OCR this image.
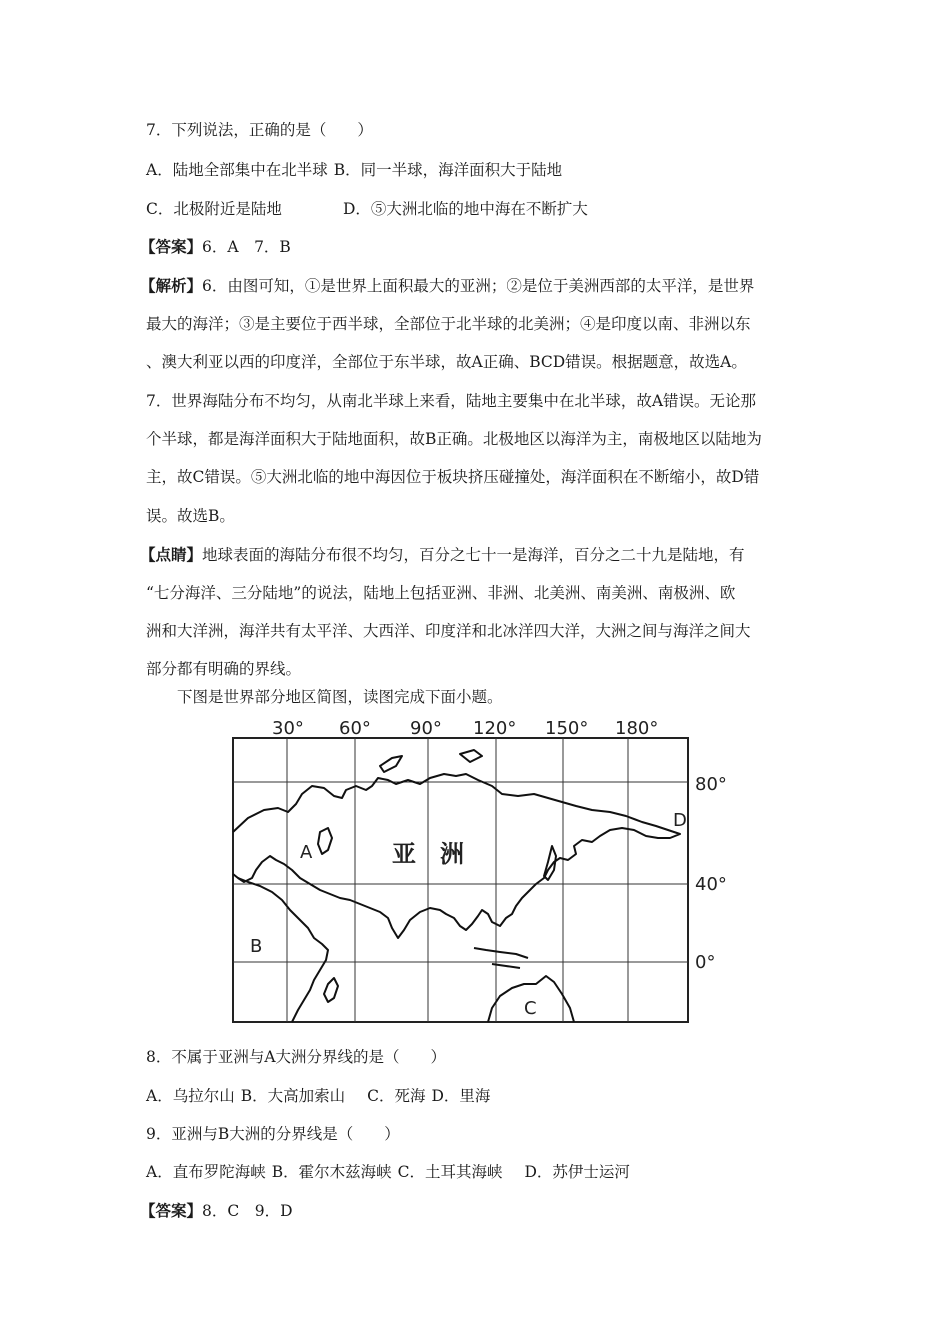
7．下列说法，正确的是（　　）
A．陆地全部集中在北半球 B．同一半球，海洋面积大于陆地
C．北极附近是陆地	D．⑤大洲北临的地中海在不断扩大
【答案】6．A　7．B
【解析】6．由图可知，①是世界上面积最大的亚洲；②是位于美洲西部的太平洋，是世界
最大的海洋；③是主要位于西半球，全部位于北半球的北美洲；④是印度以南、非洲以东
、澳大利亚以西的印度洋，全部位于东半球，故A正确、BCD错误。根据题意，故选A。
7．世界海陆分布不均匀，从南北半球上来看，陆地主要集中在北半球，故A错误。无论那
个半球，都是海洋面积大于陆地面积，故B正确。北极地区以海洋为主，南极地区以陆地为
主，故C错误。⑤大洲北临的地中海因位于板块挤压碰撞处，海洋面积在不断缩小，故D错
误。故选B。
【点睛】地球表面的海陆分布很不均匀，百分之七十一是海洋，百分之二十九是陆地，有
“七分海洋、三分陆地”的说法，陆地上包括亚洲、非洲、北美洲、南美洲、南极洲、欧
洲和大洋洲，海洋共有太平洋、大西洋、印度洋和北冰洋四大洋，大洲之间与海洋之间大
部分都有明确的界线。
下图是世界部分地区简图，读图完成下面小题。
30° 60° 90° 120° 150° 180°
80°
40°
0°
A
B
C
D
亚　洲
8．不属于亚洲与A大洲分界线的是（　　）
A．乌拉尔山 B．大高加索山 C．死海 D．里海
9．亚洲与B大洲的分界线是（　　）
A．直布罗陀海峡 B．霍尔木兹海峡 C．土耳其海峡 D．苏伊士运河
【答案】8．C　9．D
